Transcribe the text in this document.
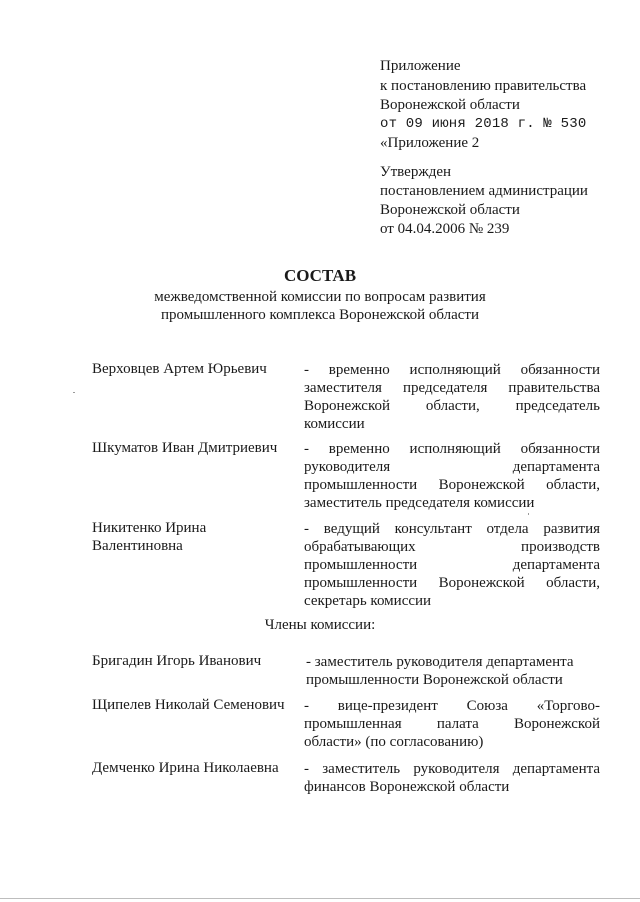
Приложение
к постановлению правительства
Воронежской области
от 09 июня 2018 г. № 530
«Приложение 2
Утвержден
постановлением администрации
Воронежской области
от 04.04.2006 № 239
СОСТАВ
межведомственной комиссии по вопросам развития
промышленного комплекса Воронежской области
Верховцев Артем Юрьевич - временно исполняющий обязанности
заместителя председателя правительства
Воронежской области, председатель
комиссии
Шкуматов Иван Дмитриевич - временно исполняющий обязанности
руководителя департамента
промышленности Воронежской области,
заместитель председателя комиссии
Никитенко Ирина
Валентиновна
- ведущий консультант отдела развития
обрабатывающих производств
промышленности департамента
промышленности Воронежской области,
секретарь комиссии
Члены комиссии:
Бригадин Игорь Иванович	- заместитель руководителя департамента
промышленности Воронежской области
Щипелев Николай Семенович - вице-президент Союза «Торгово-
промышленная палата Воронежской
области» (по согласованию)
Демченко Ирина Николаевна - заместитель руководителя департамента
финансов Воронежской области
